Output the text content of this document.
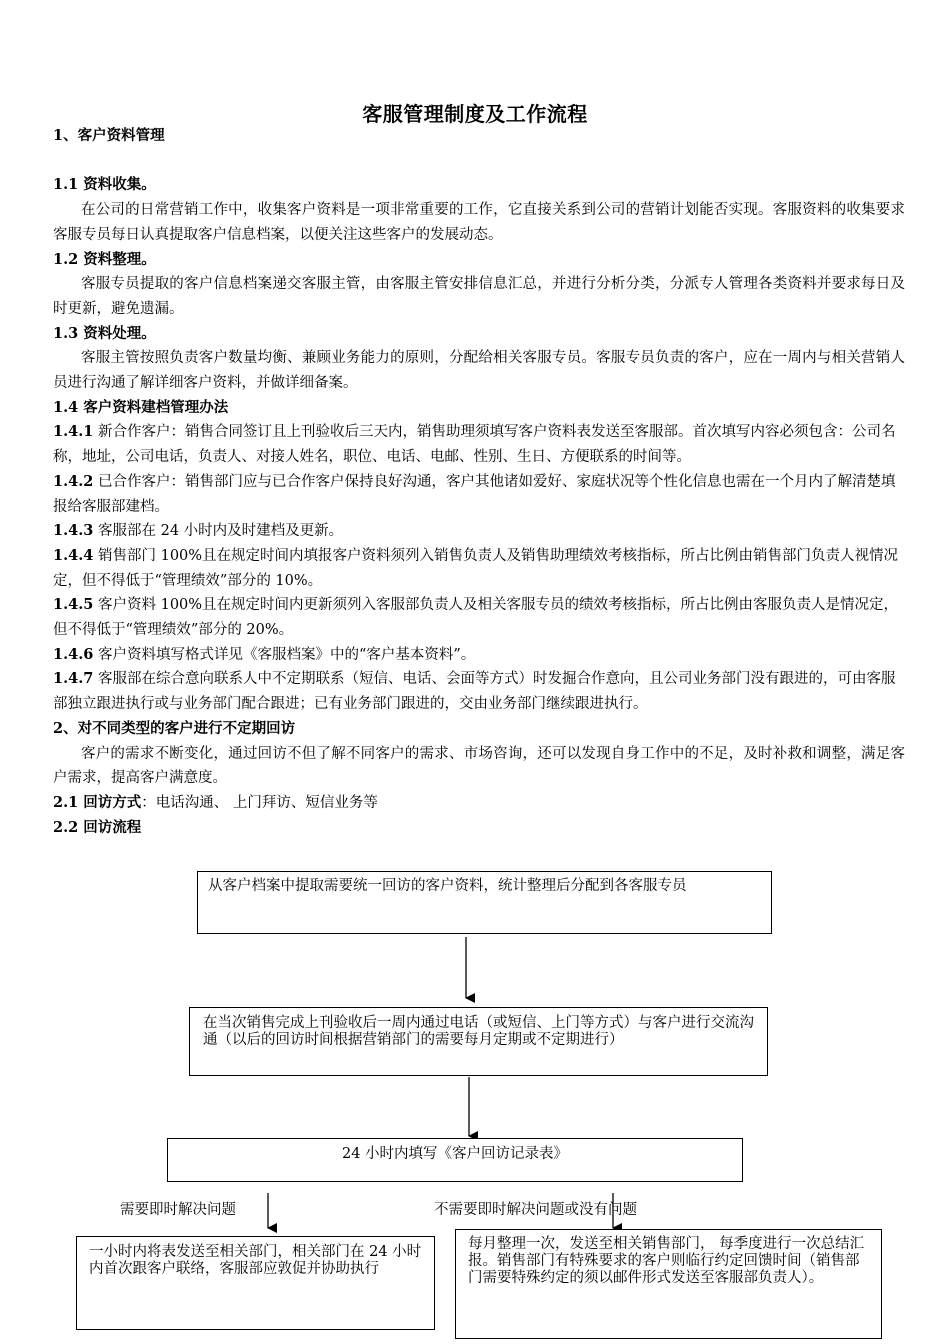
客服管理制度及工作流程

1、客户资料管理

1.1 资料收集。

在公司的日常营销工作中，收集客户资料是一项非常重要的工作，它直接关系到公司的营销计划能否实现。客服资料的收集要求客服专员每日认真提取客户信息档案，以便关注这些客户的发展动态。

1.2 资料整理。

客服专员提取的客户信息档案递交客服主管，由客服主管安排信息汇总，并进行分析分类，分派专人管理各类资料并要求每日及时更新，避免遗漏。

1.3 资料处理。

客服主管按照负责客户数量均衡、兼顾业务能力的原则，分配给相关客服专员。客服专员负责的客户，应在一周内与相关营销人员进行沟通了解详细客户资料，并做详细备案。

1.4 客户资料建档管理办法

1.4.1 新合作客户：销售合同签订且上刊验收后三天内，销售助理须填写客户资料表发送至客服部。首次填写内容必须包含：公司名称，地址，公司电话，负责人、对接人姓名，职位、电话、电邮、性别、生日、方便联系的时间等。

1.4.2 已合作客户：销售部门应与已合作客户保持良好沟通，客户其他诸如爱好、家庭状况等个性化信息也需在一个月内了解清楚填报给客服部建档。

1.4.3 客服部在 24 小时内及时建档及更新。

1.4.4 销售部门 100%且在规定时间内填报客户资料须列入销售负责人及销售助理绩效考核指标，所占比例由销售部门负责人视情况定，但不得低于“管理绩效”部分的 10%。

1.4.5 客户资料 100%且在规定时间内更新须列入客服部负责人及相关客服专员的绩效考核指标，所占比例由客服负责人是情况定，但不得低于“管理绩效”部分的 20%。

1.4.6 客户资料填写格式详见《客服档案》中的“客户基本资料”。

1.4.7 客服部在综合意向联系人中不定期联系（短信、电话、会面等方式）时发掘合作意向，且公司业务部门没有跟进的，可由客服部独立跟进执行或与业务部门配合跟进；已有业务部门跟进的，交由业务部门继续跟进执行。

2、对不同类型的客户进行不定期回访

客户的需求不断变化，通过回访不但了解不同客户的需求、市场咨询，还可以发现自身工作中的不足，及时补救和调整，满足客户需求，提高客户满意度。

2.1 回访方式：电话沟通、 上门拜访、短信业务等

2.2 回访流程

从客户档案中提取需要统一回访的客户资料，统计整理后分配到各客服专员
在当次销售完成上刊验收后一周内通过电话（或短信、上门等方式）与客户进行交流沟通（以后的回访时间根据营销部门的需要每月定期或不定期进行）
24 小时内填写《客户回访记录表》
需要即时解决问题	不需要即时解决问题或没有问题
一小时内将表发送至相关部门，相关部门在 24 小时内首次跟客户联络，客服部应敦促并协助执行
每月整理一次，发送至相关销售部门， 每季度进行一次总结汇报。销售部门有特殊要求的客户则临行约定回馈时间（销售部门需要特殊约定的须以邮件形式发送至客服部负责人）。
